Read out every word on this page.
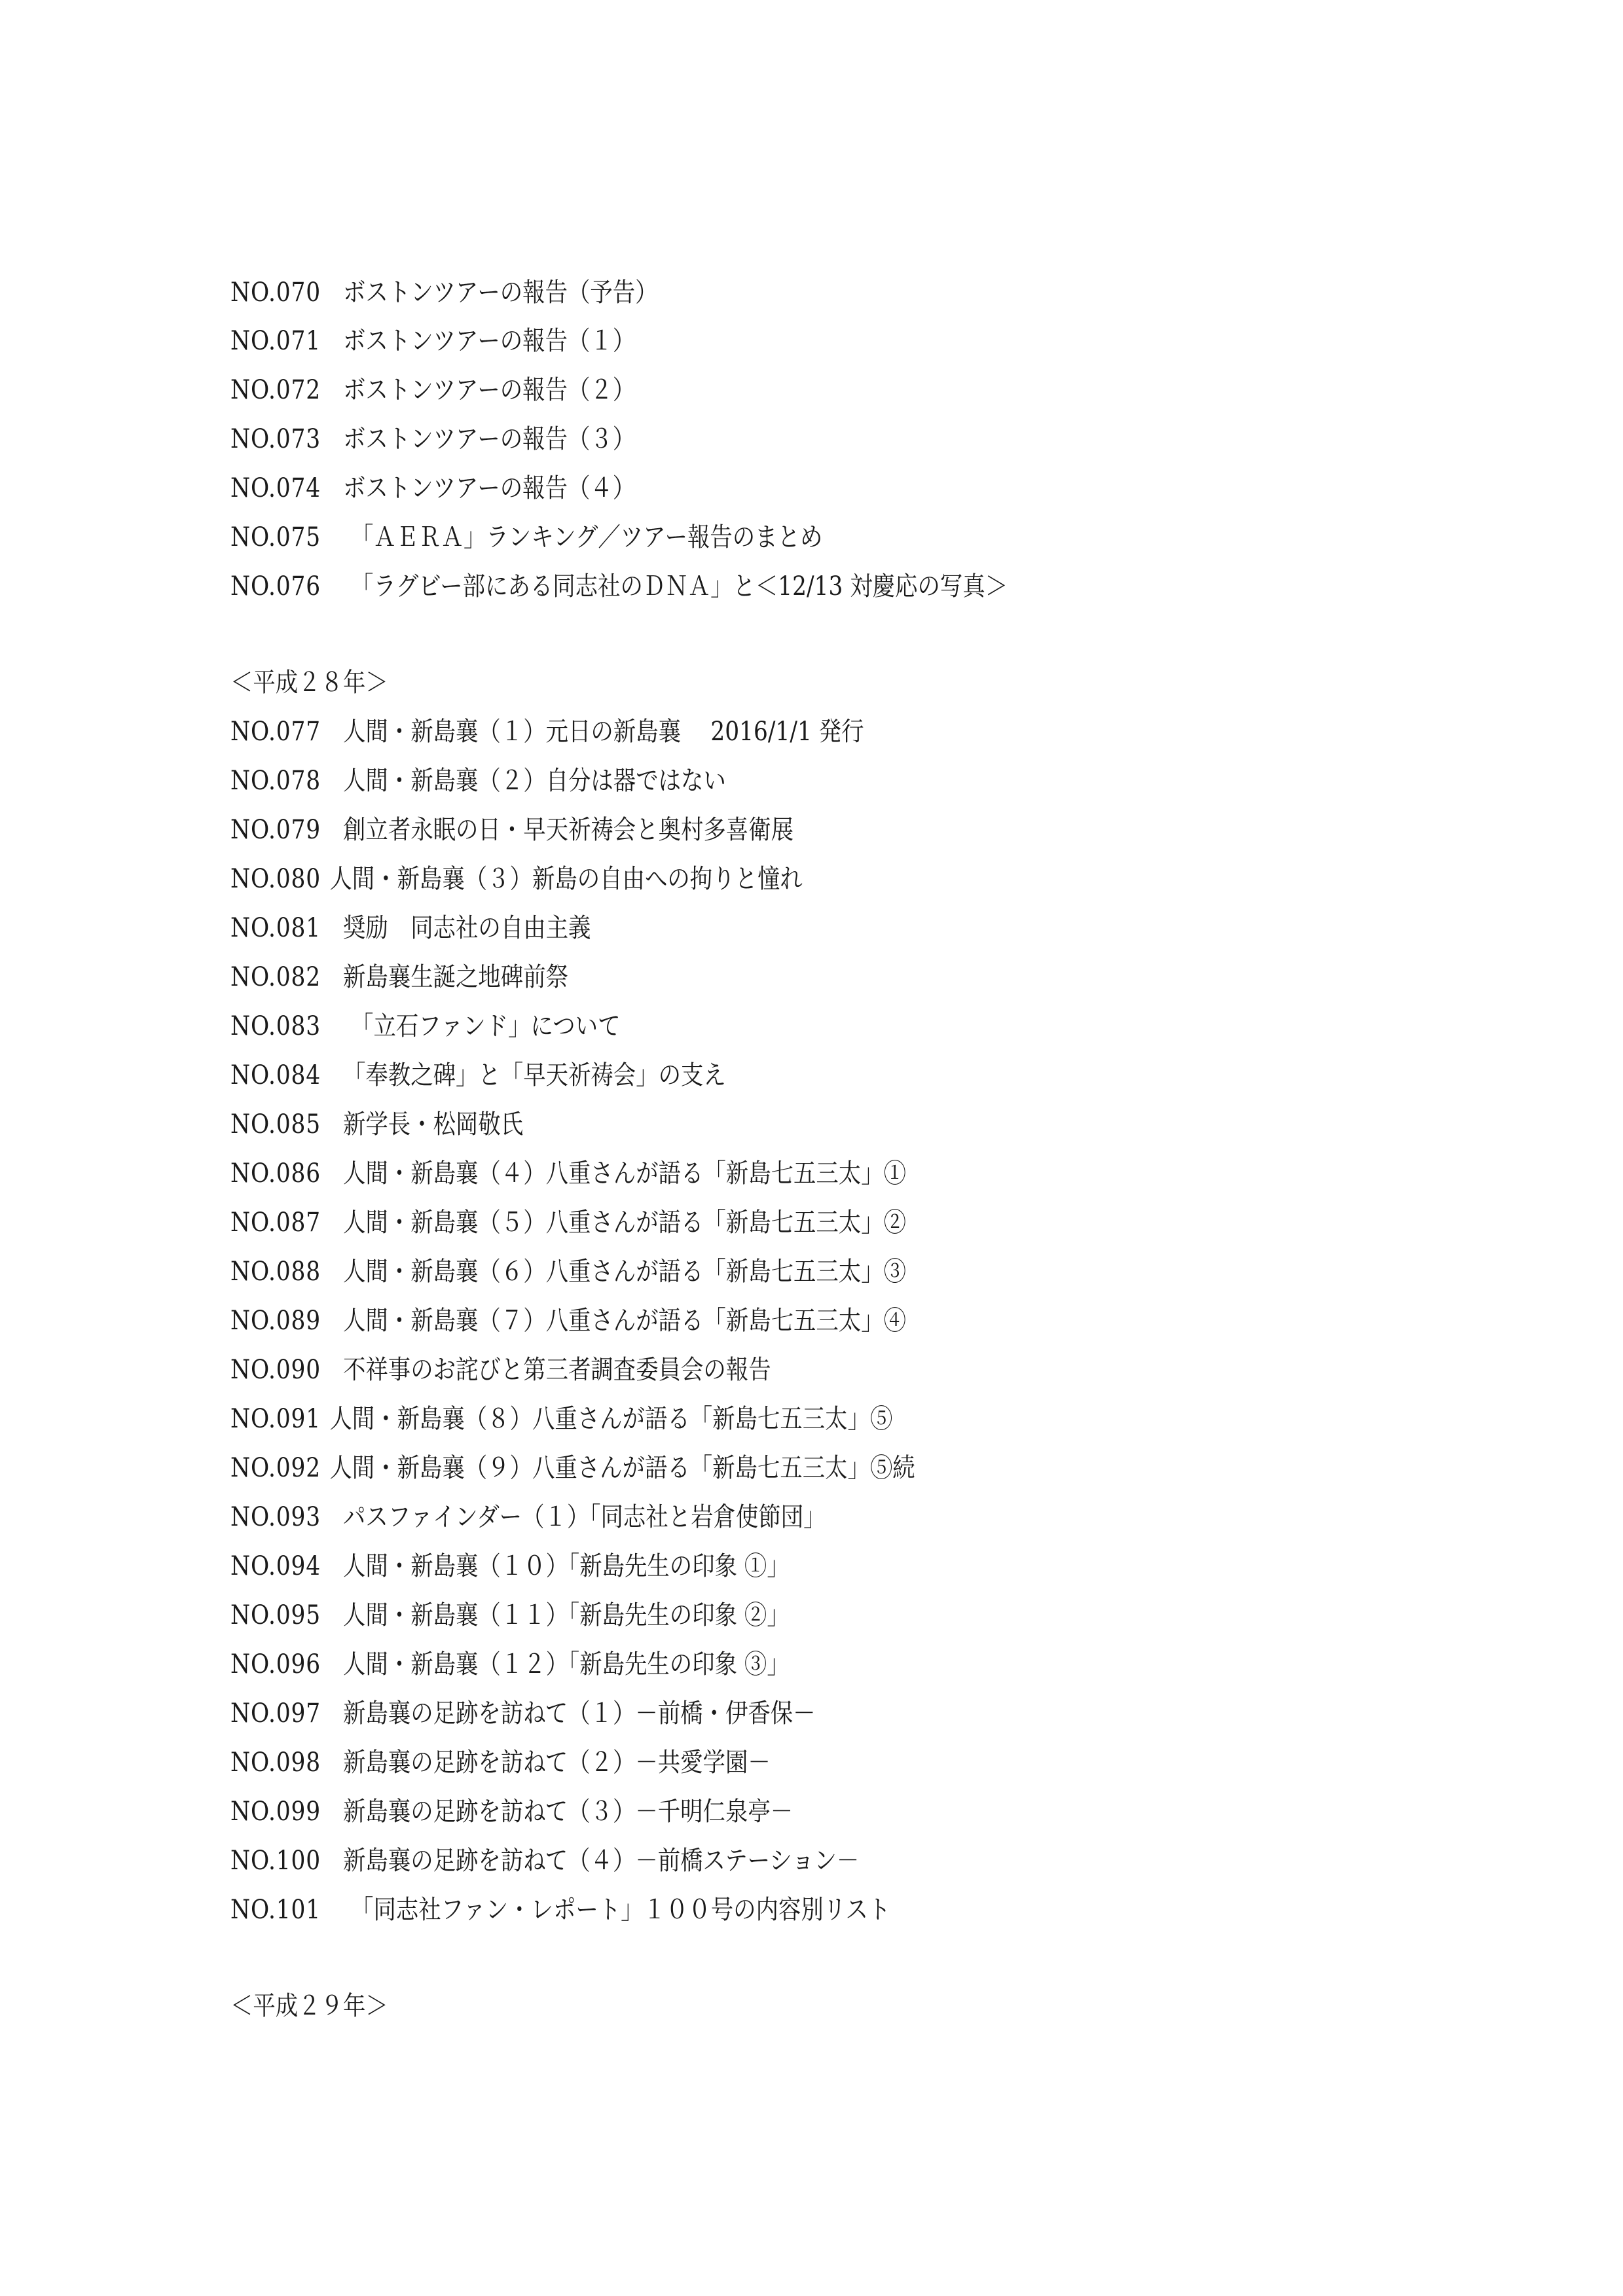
NO.070 ボストンツアーの報告（予告）
NO.071 ボストンツアーの報告（１）
NO.072 ボストンツアーの報告（２）
NO.073 ボストンツアーの報告（３）
NO.074 ボストンツアーの報告（４）
NO.075 「ＡＥＲＡ」ランキング／ツアー報告のまとめ
NO.076 「ラグビー部にある同志社のＤＮＡ」と＜12/13 対慶応の写真＞
＜平成２８年＞
NO.077 人間・新島襄（１）元日の新島襄　 2016/1/1 発行
NO.078 人間・新島襄（２）自分は器ではない
NO.079 創立者永眠の日・早天祈祷会と奥村多喜衛展
NO.080 人間・新島襄（３）新島の自由への拘りと憧れ
NO.081 奨励　同志社の自由主義
NO.082 新島襄生誕之地碑前祭
NO.083 「立石ファンド」について
NO.084 「奉教之碑」と「早天祈祷会」の支え
NO.085 新学長・松岡敬氏
NO.086 人間・新島襄（４）八重さんが語る「新島七五三太」①
NO.087 人間・新島襄（５）八重さんが語る「新島七五三太」②
NO.088 人間・新島襄（６）八重さんが語る「新島七五三太」③
NO.089 人間・新島襄（７）八重さんが語る「新島七五三太」④
NO.090 不祥事のお詫びと第三者調査委員会の報告
NO.091 人間・新島襄（８）八重さんが語る「新島七五三太」⑤
NO.092 人間・新島襄（９）八重さんが語る「新島七五三太」⑤続
NO.093 パスファインダー（１）「同志社と岩倉使節団」
NO.094 人間・新島襄（１０）「新島先生の印象 ①」
NO.095 人間・新島襄（１１）「新島先生の印象 ②」
NO.096 人間・新島襄（１２）「新島先生の印象 ③」
NO.097 新島襄の足跡を訪ねて（１）－前橋・伊香保－
NO.098 新島襄の足跡を訪ねて（２）－共愛学園－
NO.099 新島襄の足跡を訪ねて（３）－千明仁泉亭－
NO.100 新島襄の足跡を訪ねて（４）－前橋ステーション－
NO.101 「同志社ファン・レポート」１００号の内容別リスト
＜平成２９年＞
